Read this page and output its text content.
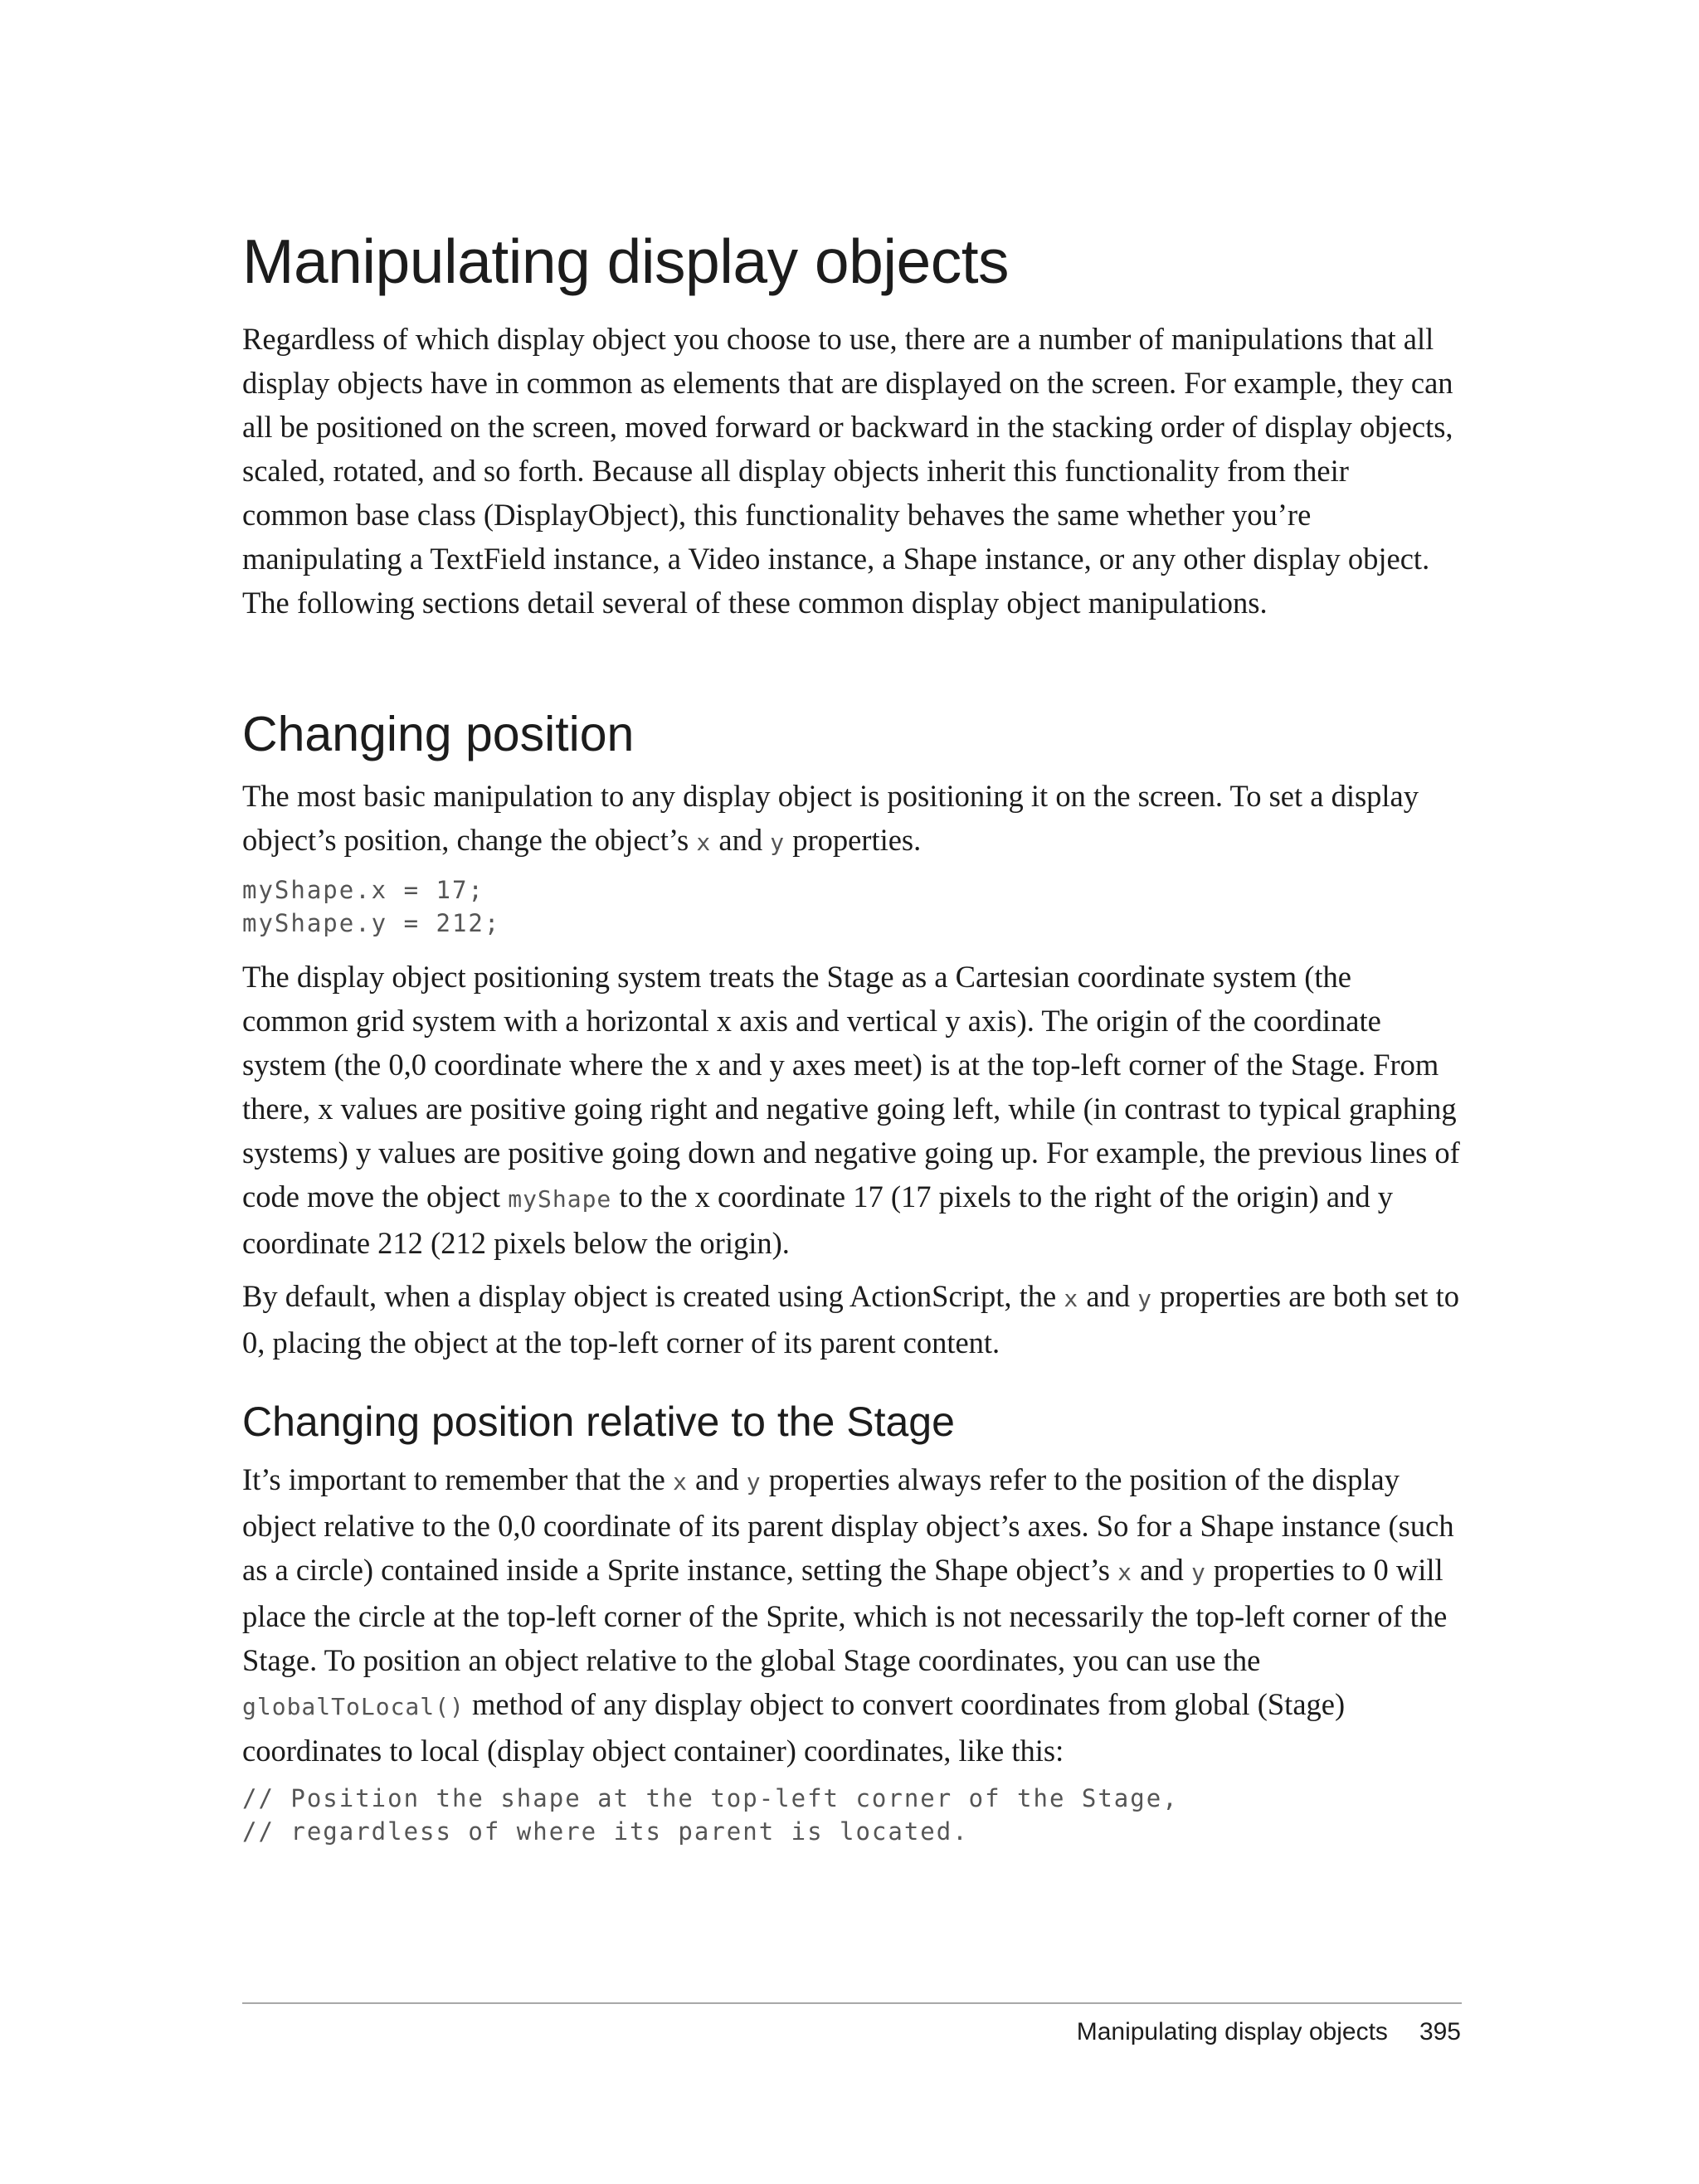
Manipulating display objects

Regardless of which display object you choose to use, there are a number of manipulations that all display objects have in common as elements that are displayed on the screen. For example, they can all be positioned on the screen, moved forward or backward in the stacking order of display objects, scaled, rotated, and so forth. Because all display objects inherit this functionality from their common base class (DisplayObject), this functionality behaves the same whether you’re manipulating a TextField instance, a Video instance, a Shape instance, or any other display object. The following sections detail several of these common display object manipulations.

Changing position

The most basic manipulation to any display object is positioning it on the screen. To set a display object’s position, change the object’s x and y properties.

myShape.x = 17;
myShape.y = 212;

The display object positioning system treats the Stage as a Cartesian coordinate system (the common grid system with a horizontal x axis and vertical y axis). The origin of the coordinate system (the 0,0 coordinate where the x and y axes meet) is at the top-left corner of the Stage. From there, x values are positive going right and negative going left, while (in contrast to typical graphing systems) y values are positive going down and negative going up. For example, the previous lines of code move the object myShape to the x coordinate 17 (17 pixels to the right of the origin) and y coordinate 212 (212 pixels below the origin).

By default, when a display object is created using ActionScript, the x and y properties are both set to 0, placing the object at the top-left corner of its parent content.

Changing position relative to the Stage

It’s important to remember that the x and y properties always refer to the position of the display object relative to the 0,0 coordinate of its parent display object’s axes. So for a Shape instance (such as a circle) contained inside a Sprite instance, setting the Shape object’s x and y properties to 0 will place the circle at the top-left corner of the Sprite, which is not necessarily the top-left corner of the Stage. To position an object relative to the global Stage coordinates, you can use the globalToLocal() method of any display object to convert coordinates from global (Stage) coordinates to local (display object container) coordinates, like this:

// Position the shape at the top-left corner of the Stage,
// regardless of where its parent is located.
Manipulating display objects 395
